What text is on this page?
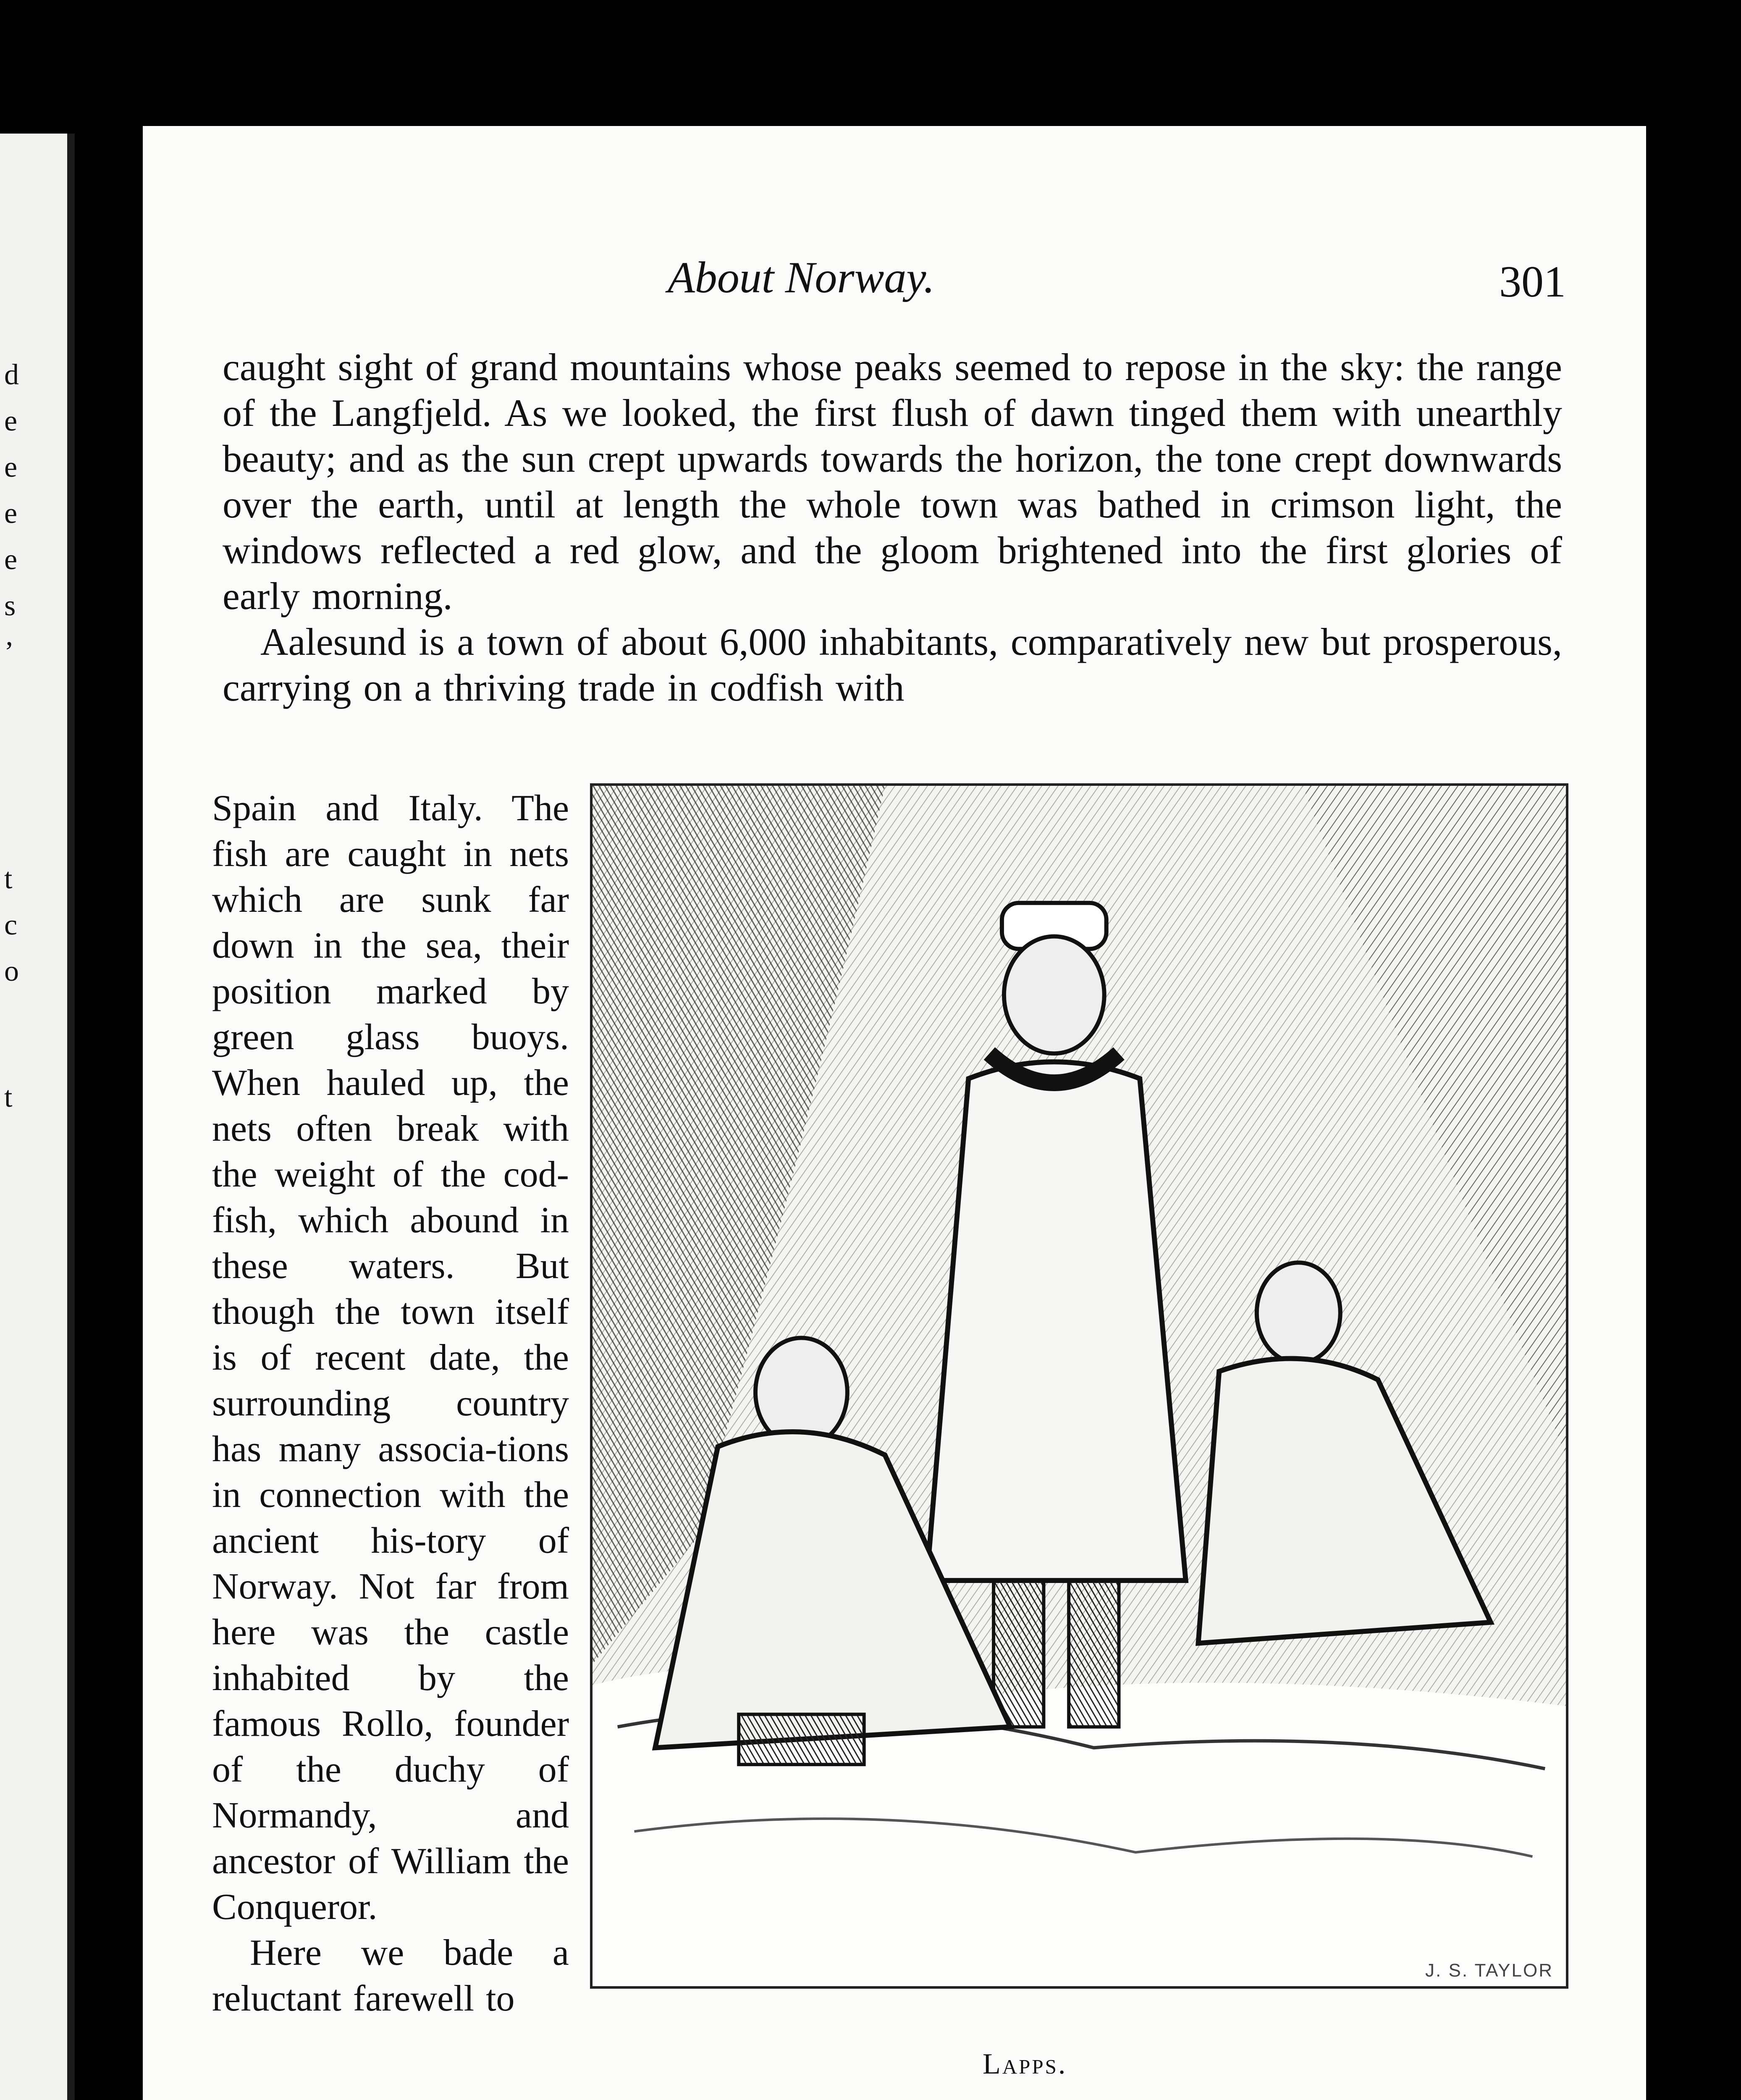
d
e
e
e
e
s
’
t
c
o
t
About Norway.	301

caught sight of grand mountains whose peaks seemed to repose in the sky: the range of the Langfjeld. As we looked, the first flush of dawn tinged them with unearthly beauty; and as the sun crept upwards towards the horizon, the tone crept downwards over the earth, until at length the whole town was bathed in crimson light, the windows reflected a red glow, and the gloom brightened into the first glories of early morning.

Aalesund is a town of about 6,000 inhabitants, comparatively new but prosperous, carrying on a thriving trade in codfish with

Spain and Italy. The fish are caught in nets which are sunk far down in the sea, their position marked by green glass buoys. When hauled up, the nets often break with the weight of the cod-fish, which abound in these waters. But though the town itself is of recent date, the surrounding country has many associa-tions in connection with the ancient his-tory of Norway. Not far from here was the castle inhabited by the famous Rollo, founder of the duchy of Normandy, and ancestor of William the Conqueror.

Here we bade a reluctant farewell to

J. S. TAYLOR
Lapps.
